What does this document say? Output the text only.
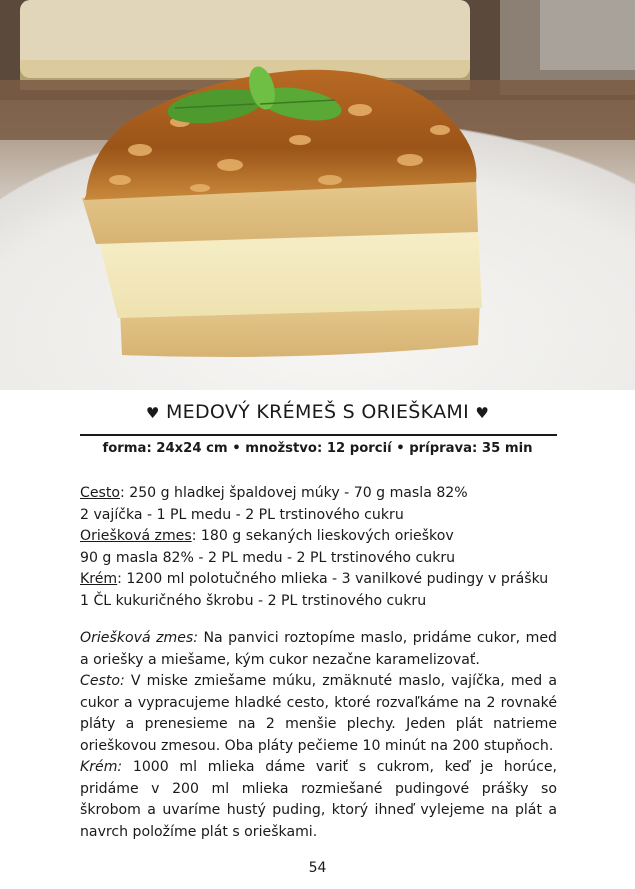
♥ MEDOVÝ KRÉMEŠ S ORIEŠKAMI ♥
forma: 24x24 cm • množstvo: 12 porcií • príprava: 35 min
Cesto: 250 g hladkej špaldovej múky - 70 g masla 82%
2 vajíčka - 1 PL medu - 2 PL trstinového cukru
Oriešková zmes: 180 g sekaných lieskových orieškov
90 g masla 82% - 2 PL medu - 2 PL trstinového cukru
Krém: 1200 ml polotučného mlieka - 3 vanilkové pudingy v prášku
1 ČL kukuričného škrobu - 2 PL trstinového cukru

Oriešková zmes: Na panvici roztopíme maslo, pridáme cukor, med a oriešky a miešame, kým cukor nezačne karamelizovať.

Cesto: V miske zmiešame múku, zmäknuté maslo, vajíčka, med a cukor a vypracujeme hladké cesto, ktoré rozvaľkáme na 2 rovnaké pláty a prenesieme na 2 menšie plechy. Jeden plát natrieme orieškovou zmesou. Oba pláty pečieme 10 minút na 200 stupňoch.

Krém: 1000 ml mlieka dáme variť s cukrom, keď je horúce, pridáme v 200 ml mlieka rozmiešané pudingové prášky so škrobom a uvaríme hustý puding, ktorý ihneď vylejeme na plát a navrch položíme plát s orieškami.

54
